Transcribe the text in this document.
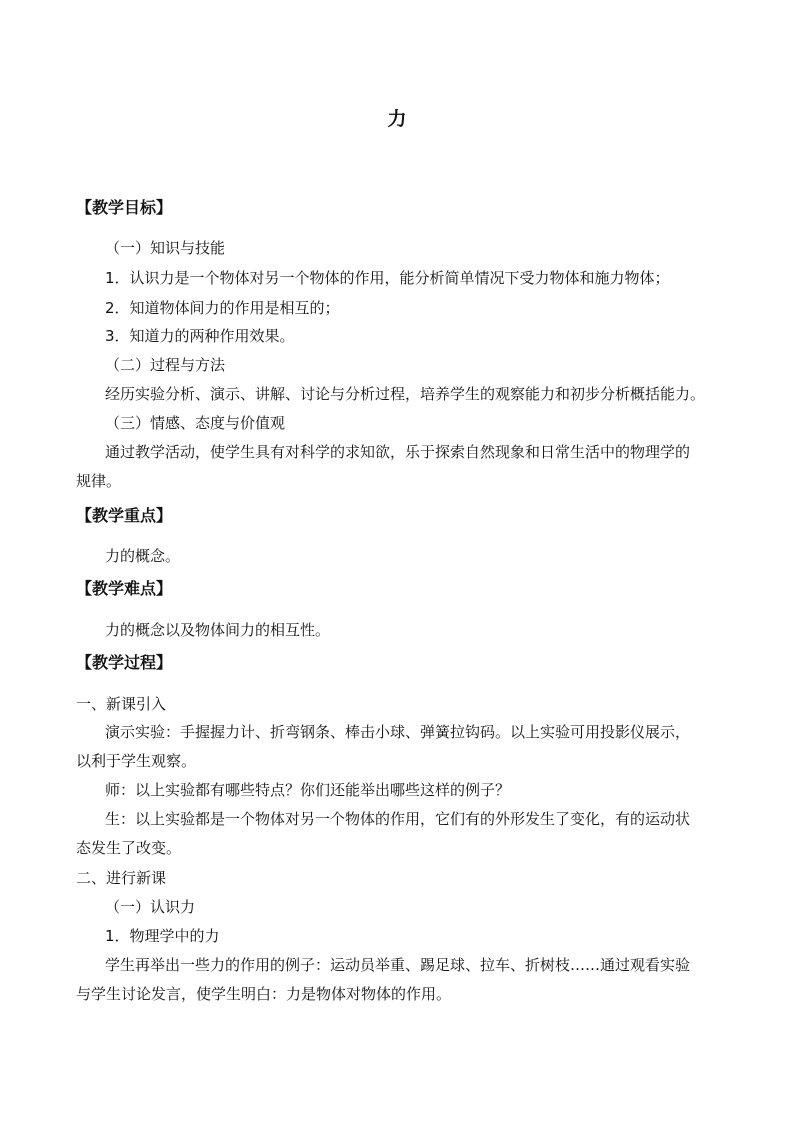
力
【教学目标】
（一）知识与技能
1．认识力是一个物体对另一个物体的作用，能分析简单情况下受力物体和施力物体；
2．知道物体间力的作用是相互的；
3．知道力的两种作用效果。
（二）过程与方法
经历实验分析、演示、讲解、讨论与分析过程，培养学生的观察能力和初步分析概括能力。
（三）情感、态度与价值观
通过教学活动，使学生具有对科学的求知欲，乐于探索自然现象和日常生活中的物理学的
规律。
【教学重点】
力的概念。
【教学难点】
力的概念以及物体间力的相互性。
【教学过程】
一、新课引入
演示实验：手握握力计、折弯钢条、棒击小球、弹簧拉钩码。以上实验可用投影仪展示，
以利于学生观察。
师：以上实验都有哪些特点？你们还能举出哪些这样的例子？
生：以上实验都是一个物体对另一个物体的作用，它们有的外形发生了变化，有的运动状
态发生了改变。
二、进行新课
（一）认识力
1．物理学中的力
学生再举出一些力的作用的例子：运动员举重、踢足球、拉车、折树枝……通过观看实验
与学生讨论发言，使学生明白：力是物体对物体的作用。
